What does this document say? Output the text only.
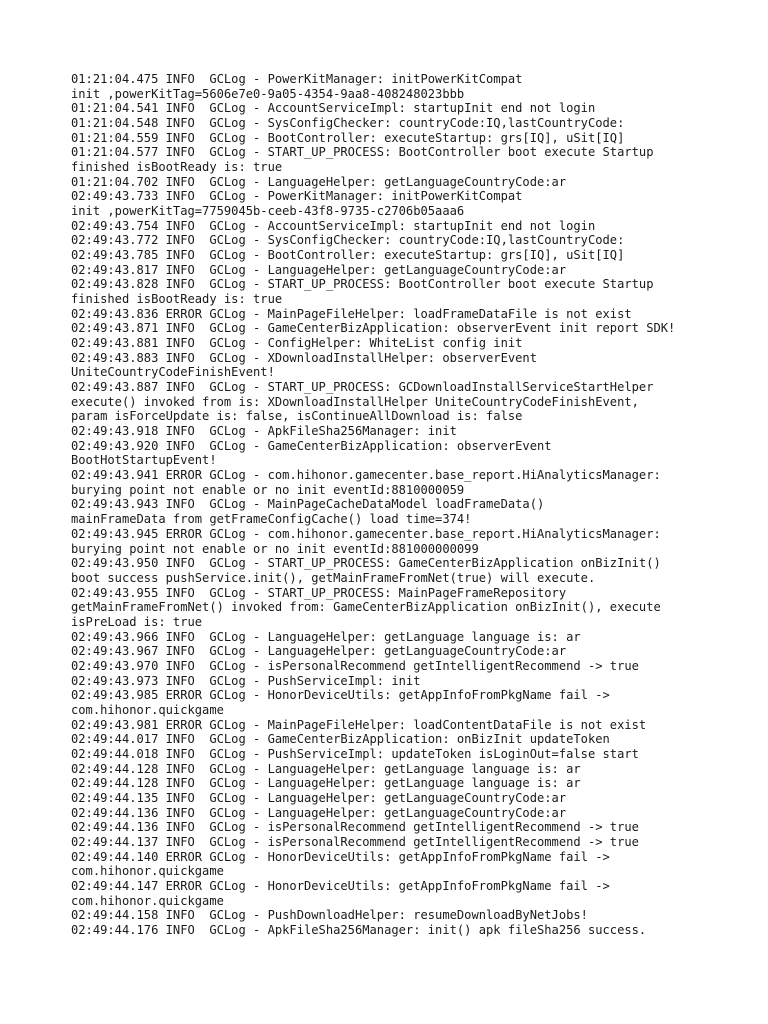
01:21:04.475 INFO  GCLog - PowerKitManager: initPowerKitCompat
init ,powerKitTag=5606e7e0-9a05-4354-9aa8-408248023bbb
01:21:04.541 INFO  GCLog - AccountServiceImpl: startupInit end not login
01:21:04.548 INFO  GCLog - SysConfigChecker: countryCode:IQ,lastCountryCode:
01:21:04.559 INFO  GCLog - BootController: executeStartup: grs[IQ], uSit[IQ]
01:21:04.577 INFO  GCLog - START_UP_PROCESS: BootController boot execute Startup
finished isBootReady is: true
01:21:04.702 INFO  GCLog - LanguageHelper: getLanguageCountryCode:ar
02:49:43.733 INFO  GCLog - PowerKitManager: initPowerKitCompat
init ,powerKitTag=7759045b-ceeb-43f8-9735-c2706b05aaa6
02:49:43.754 INFO  GCLog - AccountServiceImpl: startupInit end not login
02:49:43.772 INFO  GCLog - SysConfigChecker: countryCode:IQ,lastCountryCode:
02:49:43.785 INFO  GCLog - BootController: executeStartup: grs[IQ], uSit[IQ]
02:49:43.817 INFO  GCLog - LanguageHelper: getLanguageCountryCode:ar
02:49:43.828 INFO  GCLog - START_UP_PROCESS: BootController boot execute Startup
finished isBootReady is: true
02:49:43.836 ERROR GCLog - MainPageFileHelper: loadFrameDataFile is not exist
02:49:43.871 INFO  GCLog - GameCenterBizApplication: observerEvent init report SDK!
02:49:43.881 INFO  GCLog - ConfigHelper: WhiteList config init
02:49:43.883 INFO  GCLog - XDownloadInstallHelper: observerEvent
UniteCountryCodeFinishEvent!
02:49:43.887 INFO  GCLog - START_UP_PROCESS: GCDownloadInstallServiceStartHelper
execute() invoked from is: XDownloadInstallHelper UniteCountryCodeFinishEvent,
param isForceUpdate is: false, isContinueAllDownload is: false
02:49:43.918 INFO  GCLog - ApkFileSha256Manager: init
02:49:43.920 INFO  GCLog - GameCenterBizApplication: observerEvent
BootHotStartupEvent!
02:49:43.941 ERROR GCLog - com.hihonor.gamecenter.base_report.HiAnalyticsManager:
burying point not enable or no init eventId:8810000059
02:49:43.943 INFO  GCLog - MainPageCacheDataModel loadFrameData()
mainFrameData from getFrameConfigCache() load time=374!
02:49:43.945 ERROR GCLog - com.hihonor.gamecenter.base_report.HiAnalyticsManager:
burying point not enable or no init eventId:881000000099
02:49:43.950 INFO  GCLog - START_UP_PROCESS: GameCenterBizApplication onBizInit()
boot success pushService.init(), getMainFrameFromNet(true) will execute.
02:49:43.955 INFO  GCLog - START_UP_PROCESS: MainPageFrameRepository
getMainFrameFromNet() invoked from: GameCenterBizApplication onBizInit(), execute
isPreLoad is: true
02:49:43.966 INFO  GCLog - LanguageHelper: getLanguage language is: ar
02:49:43.967 INFO  GCLog - LanguageHelper: getLanguageCountryCode:ar
02:49:43.970 INFO  GCLog - isPersonalRecommend getIntelligentRecommend -> true
02:49:43.973 INFO  GCLog - PushServiceImpl: init
02:49:43.985 ERROR GCLog - HonorDeviceUtils: getAppInfoFromPkgName fail ->
com.hihonor.quickgame
02:49:43.981 ERROR GCLog - MainPageFileHelper: loadContentDataFile is not exist
02:49:44.017 INFO  GCLog - GameCenterBizApplication: onBizInit updateToken
02:49:44.018 INFO  GCLog - PushServiceImpl: updateToken isLoginOut=false start
02:49:44.128 INFO  GCLog - LanguageHelper: getLanguage language is: ar
02:49:44.128 INFO  GCLog - LanguageHelper: getLanguage language is: ar
02:49:44.135 INFO  GCLog - LanguageHelper: getLanguageCountryCode:ar
02:49:44.136 INFO  GCLog - LanguageHelper: getLanguageCountryCode:ar
02:49:44.136 INFO  GCLog - isPersonalRecommend getIntelligentRecommend -> true
02:49:44.137 INFO  GCLog - isPersonalRecommend getIntelligentRecommend -> true
02:49:44.140 ERROR GCLog - HonorDeviceUtils: getAppInfoFromPkgName fail ->
com.hihonor.quickgame
02:49:44.147 ERROR GCLog - HonorDeviceUtils: getAppInfoFromPkgName fail ->
com.hihonor.quickgame
02:49:44.158 INFO  GCLog - PushDownloadHelper: resumeDownloadByNetJobs!
02:49:44.176 INFO  GCLog - ApkFileSha256Manager: init() apk fileSha256 success.
